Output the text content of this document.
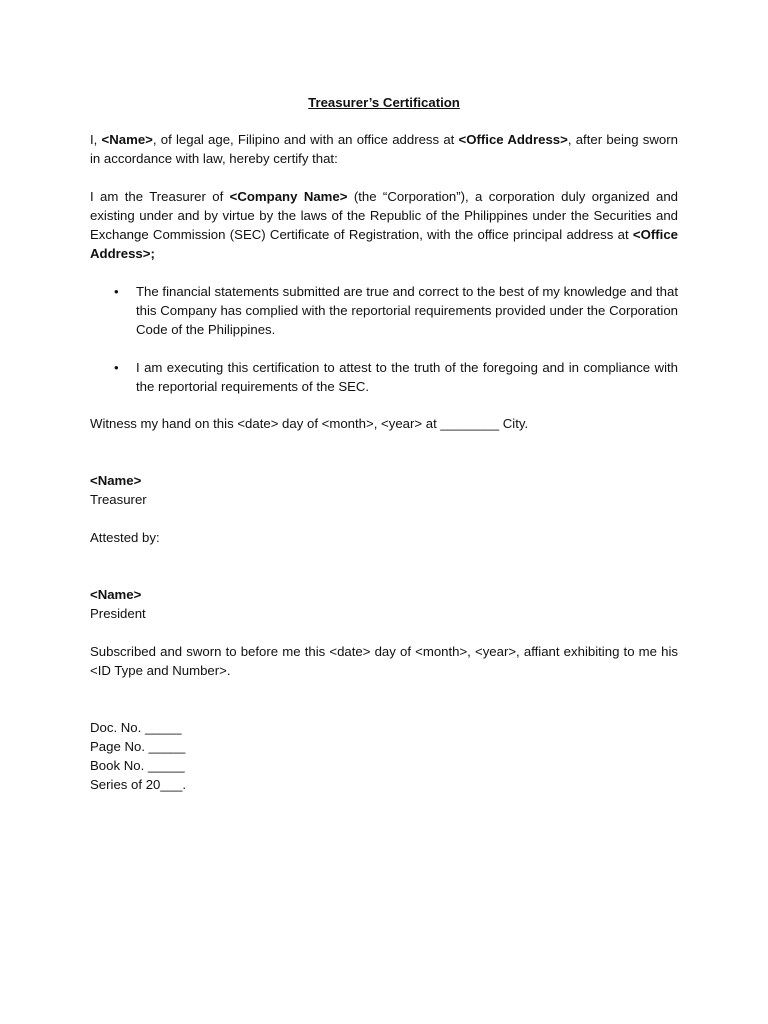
Treasurer’s Certification

I, <Name>, of legal age, Filipino and with an office address at <Office Address>, after being sworn in accordance with law, hereby certify that:

I am the Treasurer of <Company Name> (the “Corporation”), a corporation duly organized and existing under and by virtue by the laws of the Republic of the Philippines under the Securities and Exchange Commission (SEC) Certificate of Registration, with the office principal address at <Office Address>;

• The financial statements submitted are true and correct to the best of my knowledge and that this Company has complied with the reportorial requirements provided under the Corporation Code of the Philippines.
• I am executing this certification to attest to the truth of the foregoing and in compliance with the reportorial requirements of the SEC.

Witness my hand on this <date> day of <month>, <year> at ________ City.

<Name>

Treasurer

Attested by:

<Name>

President

Subscribed and sworn to before me this <date> day of <month>, <year>, affiant exhibiting to me his <ID Type and Number>.

Doc. No. _____

Page No. _____

Book No. _____

Series of 20___.
